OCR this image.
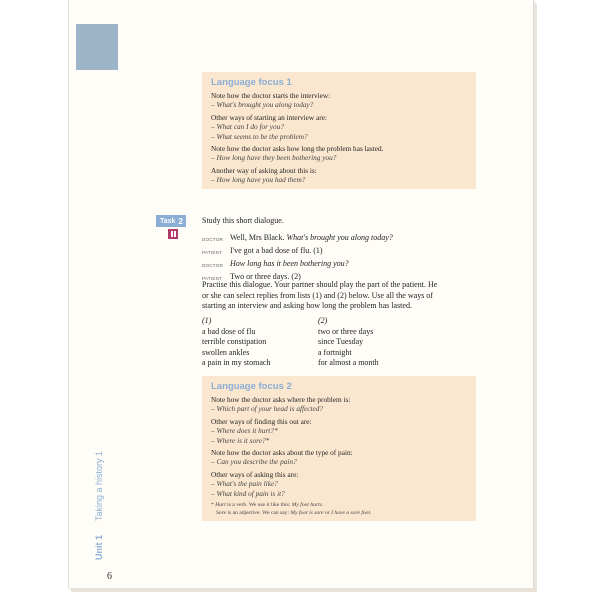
Language focus 1

Note how the doctor starts the interview:

– What's brought you along today?

Other ways of starting an interview are:

– What can I do for you?

– What seems to be the problem?

Note how the doctor asks how long the problem has lasted.

– How long have they been bothering you?

Another way of asking about this is:

– How long have you had them?

Task 2 Study this short dialogue.
DOCTOR Well, Mrs Black. What's brought you along today?
PATIENT I've got a bad dose of flu. (1)
DOCTOR How long has it been bothering you?
PATIENT Two or three days. (2)
Practise this dialogue. Your partner should play the part of the patient. He
or she can select replies from lists (1) and (2) below. Use all the ways of
starting an interview and asking how long the problem has lasted.
(1)
a bad dose of flu
terrible constipation
swollen ankles
a pain in my stomach
(2)
two or three days
since Tuesday
a fortnight
for almost a month
Language focus 2

Note how the doctor asks where the problem is:

– Which part of your head is affected?

Other ways of finding this out are:

– Where does it hurt?*

– Where is it sore?*

Note how the doctor asks about the type of pain:

– Can you describe the pain?

Other ways of asking this are:

– What's the pain like?

– What kind of pain is it?

* Hurt is a verb. We use it like this: My foot hurts.

Sore is an adjective. We can say: My foot is sore or I have a sore foot.

Unit 1Taking a history 1
6
